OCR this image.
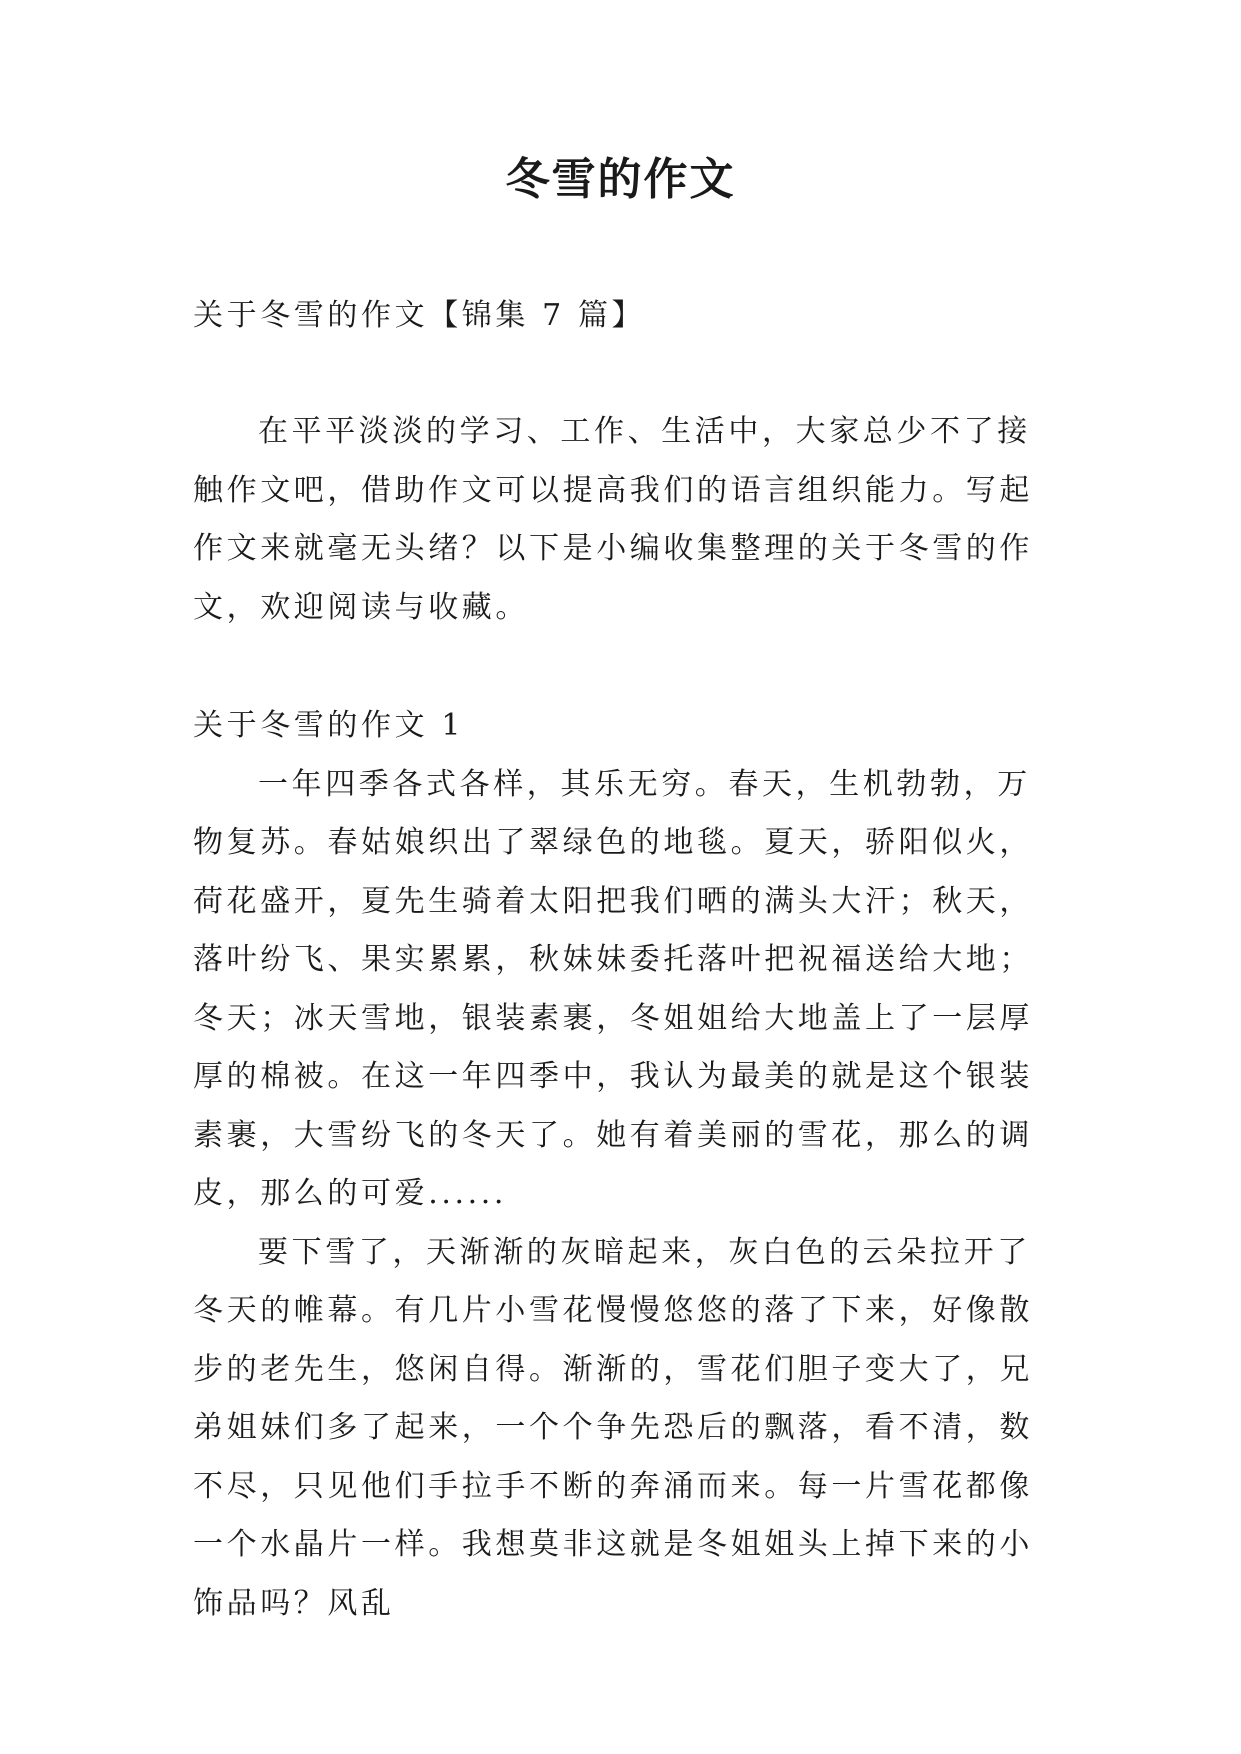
冬雪的作文
关于冬雪的作文【锦集 7 篇】

在平平淡淡的学习、工作、生活中，大家总少不了接触作文吧，借助作文可以提高我们的语言组织能力。写起作文来就毫无头绪？以下是小编收集整理的关于冬雪的作文，欢迎阅读与收藏。

关于冬雪的作文 1

一年四季各式各样，其乐无穷。春天，生机勃勃，万物复苏。春姑娘织出了翠绿色的地毯。夏天，骄阳似火，荷花盛开，夏先生骑着太阳把我们晒的满头大汗；秋天，落叶纷飞、果实累累，秋妹妹委托落叶把祝福送给大地；冬天；冰天雪地，银装素裹，冬姐姐给大地盖上了一层厚厚的棉被。在这一年四季中，我认为最美的就是这个银装素裹，大雪纷飞的冬天了。她有着美丽的雪花，那么的调皮，那么的可爱......

要下雪了，天渐渐的灰暗起来，灰白色的云朵拉开了冬天的帷幕。有几片小雪花慢慢悠悠的落了下来，好像散步的老先生，悠闲自得。渐渐的，雪花们胆子变大了，兄弟姐妹们多了起来，一个个争先恐后的飘落，看不清，数不尽，只见他们手拉手不断的奔涌而来。每一片雪花都像一个水晶片一样。我想莫非这就是冬姐姐头上掉下来的小饰品吗？风乱
